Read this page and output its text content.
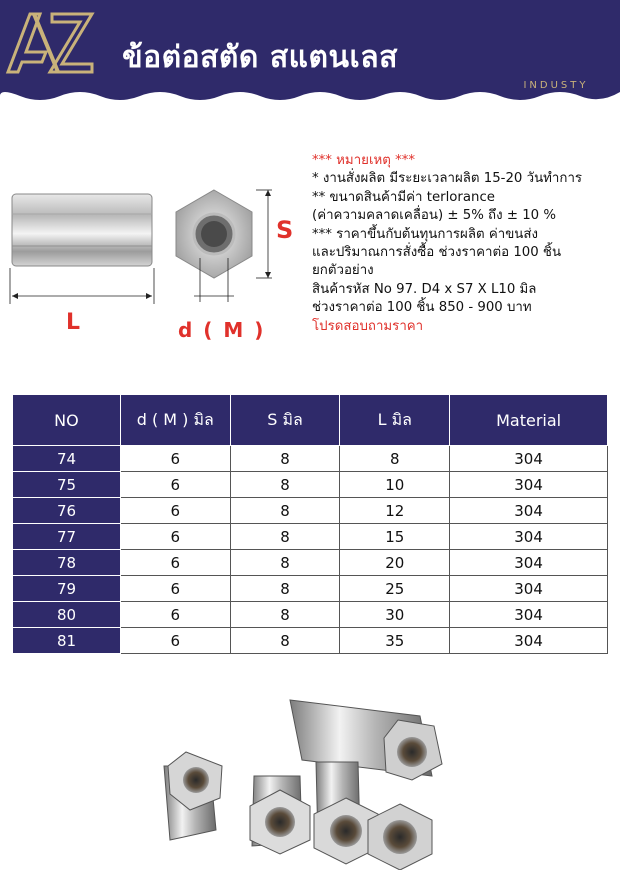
ข้อต่อสตัด สแตนเลส
INDUSTY
L
S
d ( M )
*** หมายเหตุ ***
* งานสั่งผลิต มีระยะเวลาผลิต 15-20 วันทำการ
** ขนาดสินค้ามีค่า terlorance
(ค่าความคลาดเคลื่อน) ± 5% ถึง ± 10 %
*** ราคาขึ้นกับต้นทุนการผลิต ค่าขนส่ง
และปริมาณการสั่งซื้อ ช่วงราคาต่อ 100 ชิ้น
ยกตัวอย่าง
สินค้ารหัส No 97. D4 x S7 X L10 มิล
ช่วงราคาต่อ 100 ชิ้น 850 - 900 บาท
โปรดสอบถามราคา
NO	d ( M ) มิล	S มิล	L มิล	Material
74	6	8	8	304
75	6	8	10	304
76	6	8	12	304
77	6	8	15	304
78	6	8	20	304
79	6	8	25	304
80	6	8	30	304
81	6	8	35	304
